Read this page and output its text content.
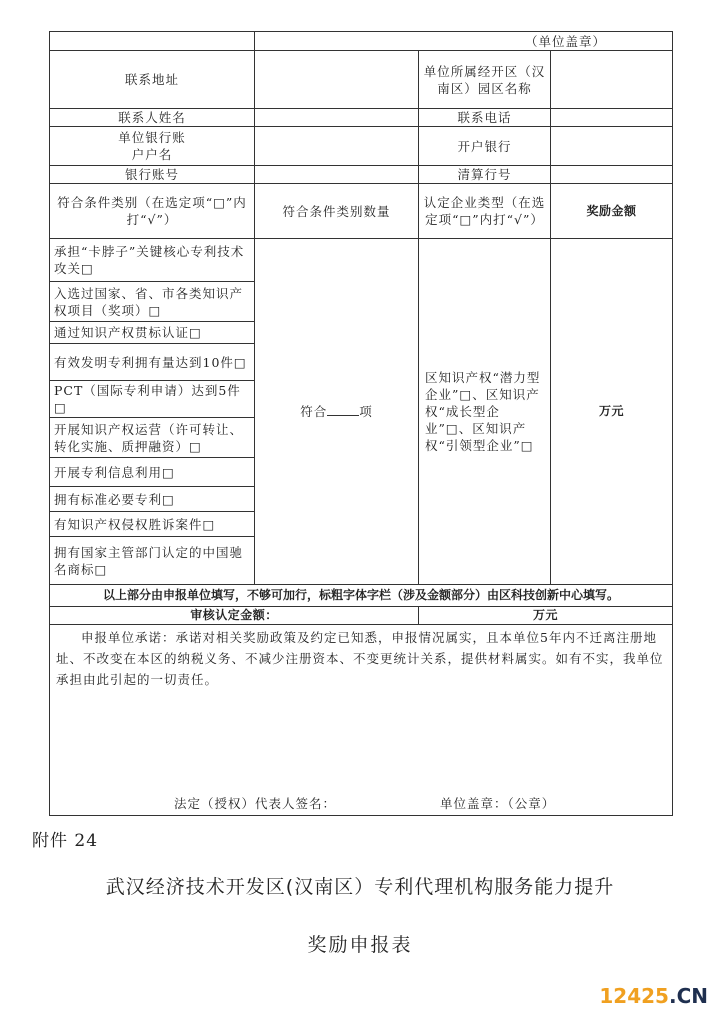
	（单位盖章）		
联系地址		单位所属经开区（汉南区）园区名称	
联系人姓名		联系电话	
单位银行账户户名		开户银行	
银行账号		清算行号	
符合条件类别（在选定项“□”内打“√”）	符合条件类别数量	认定企业类型（在选定项“□”内打“√”）	奖励金额
承担“卡脖子”关键核心专利技术攻关□	符合 项	区知识产权“潜力型企业”□、区知识产权“成长型企业”□、区知识产权“引领型企业”□	万元
入选过国家、省、市各类知识产权项目（奖项）□			
通过知识产权贯标认证□			
有效发明专利拥有量达到10件□			
PCT（国际专利申请）达到5件□			
开展知识产权运营（许可转让、转化实施、质押融资）□			
开展专利信息利用□			
拥有标准必要专利□			
有知识产权侵权胜诉案件□			
拥有国家主管部门认定的中国驰名商标□			
以上部分由申报单位填写，不够可加行，标粗字体字栏（涉及金额部分）由区科技创新中心填写。			
审核认定金额：		万元	

申报单位承诺：承诺对相关奖励政策及约定已知悉，申报情况属实，且本单位5年内不迁离注册地址、不改变在本区的纳税义务、不减少注册资本、不变更统计关系，提供材料属实。如有不实，我单位承担由此引起的一切责任。
法定（授权）代表人签名： 单位盖章：（公章）			
附件 24
武汉经济技术开发区(汉南区）专利代理机构服务能力提升
奖励申报表
12425.CN
